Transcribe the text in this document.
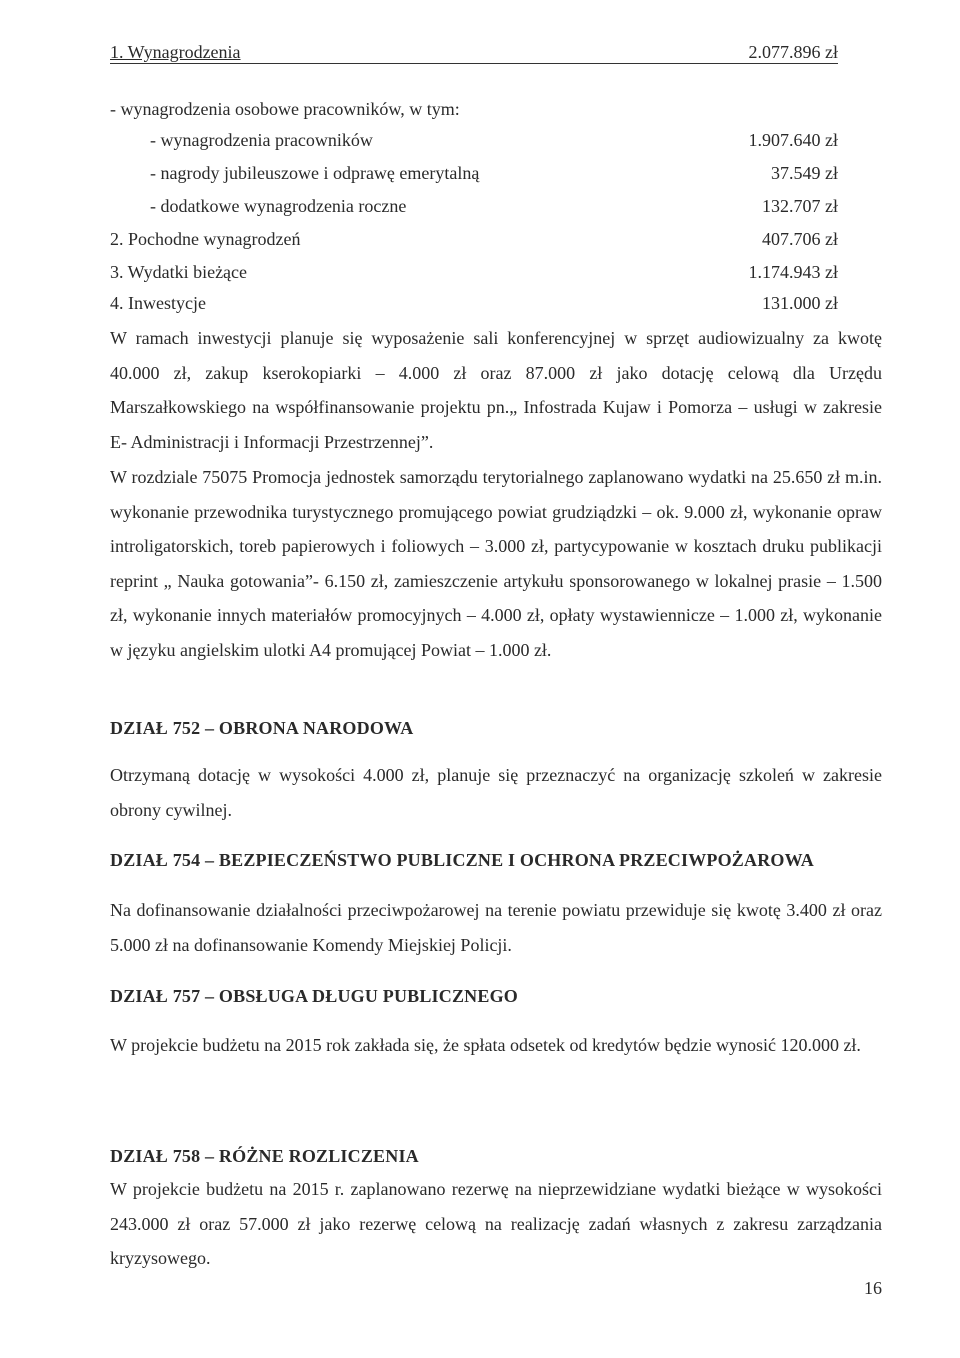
1. Wynagrodzenia	2.077.896 zł
- wynagrodzenia osobowe pracowników, w tym:
- wynagrodzenia pracowników	1.907.640 zł
- nagrody jubileuszowe i odprawę emerytalną	37.549 zł
- dodatkowe wynagrodzenia roczne	132.707 zł
2. Pochodne wynagrodzeń	407.706 zł
3. Wydatki bieżące	1.174.943 zł
4. Inwestycje	131.000 zł

W ramach inwestycji planuje się wyposażenie sali konferencyjnej w sprzęt audiowizualny za kwotę 40.000 zł, zakup kserokopiarki – 4.000 zł oraz 87.000 zł jako dotację celową dla Urzędu Marszałkowskiego na współfinansowanie projektu pn.„ Infostrada Kujaw i Pomorza – usługi w zakresie E- Administracji i Informacji Przestrzennej”.

W rozdziale 75075 Promocja jednostek samorządu terytorialnego zaplanowano wydatki na 25.650 zł m.in. wykonanie przewodnika turystycznego promującego powiat grudziądzki – ok. 9.000 zł, wykonanie opraw introligatorskich, toreb papierowych i foliowych – 3.000 zł, partycypowanie w kosztach druku publikacji reprint „ Nauka gotowania”- 6.150 zł, zamieszczenie artykułu sponsorowanego w lokalnej prasie – 1.500 zł, wykonanie innych materiałów promocyjnych – 4.000 zł, opłaty wystawiennicze – 1.000 zł, wykonanie w języku angielskim ulotki A4 promującej Powiat – 1.000 zł.

DZIAŁ 752 – OBRONA NARODOWA

Otrzymaną dotację w wysokości 4.000 zł, planuje się przeznaczyć na organizację szkoleń w zakresie obrony cywilnej.

DZIAŁ 754 – BEZPIECZEŃSTWO PUBLICZNE I OCHRONA PRZECIWPOŻAROWA

Na dofinansowanie działalności przeciwpożarowej na terenie powiatu przewiduje się kwotę 3.400 zł oraz 5.000 zł na dofinansowanie Komendy Miejskiej Policji.

DZIAŁ 757 – OBSŁUGA DŁUGU PUBLICZNEGO

W projekcie budżetu na 2015 rok zakłada się, że spłata odsetek od kredytów będzie wynosić 120.000 zł.

DZIAŁ 758 – RÓŻNE ROZLICZENIA

W projekcie budżetu na 2015 r. zaplanowano rezerwę na nieprzewidziane wydatki bieżące w wysokości 243.000 zł oraz 57.000 zł jako rezerwę celową na realizację zadań własnych z zakresu zarządzania kryzysowego.

16
